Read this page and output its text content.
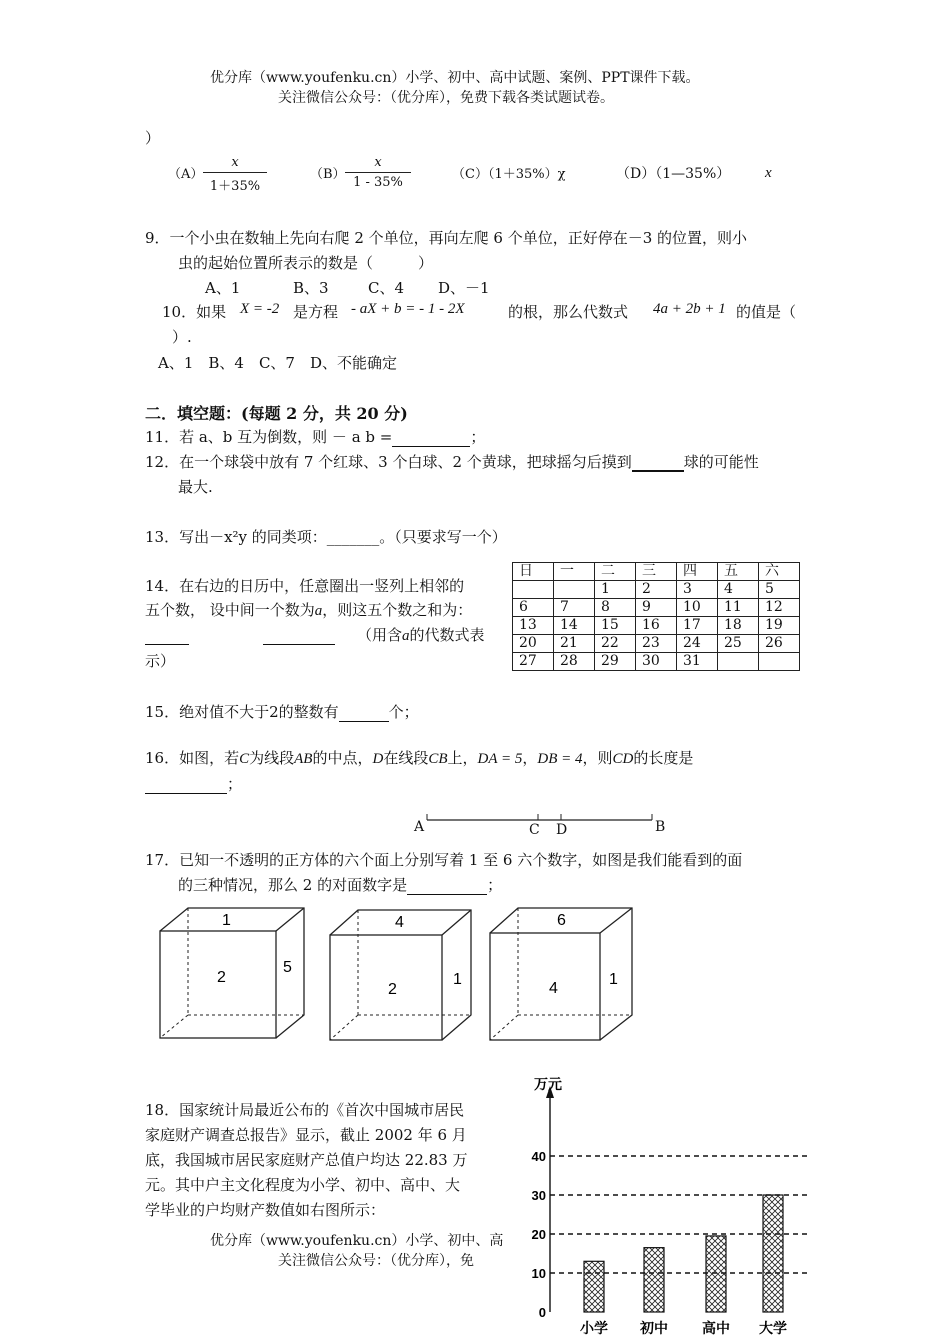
优分库（www.youfenku.cn）小学、初中、高中试题、案例、PPT课件下载。
关注微信公众号：（优分库），免费下载各类试题试卷。
）
（A）
x
1＋35%
（B）
x
1 - 35%
（C）（1＋35%）χ	（D）（1—35%） x
9．一个小虫在数轴上先向右爬 2 个单位，再向左爬 6 个单位，正好停在－3 的位置，则小
虫的起始位置所表示的数是（　　　）
A、1	B、3	C、4 D、－1
10．如果 X = -2 是方程 - aX + b = - 1 - 2X	的根，那么代数式 4a + 2b + 1 的值是（
）.
A、1　B、4　C、7　D、不能确定
二．填空题：(每题 2 分，共 20 分)
11．若 a、b 互为倒数，则 － a b =	；
12．在一个球袋中放有 7 个红球、3 个白球、2 个黄球，把球摇匀后摸到	球的可能性
最大.
13．写出－x²y 的同类项：_______。（只要求写一个）
14．在右边的日历中，任意圈出一竖列上相邻的
五个数， 设中间一个数为a，则这五个数之和为：
（用含a的代数式表
示）
日	一	二	三	四	五	六
		1	2	3	4	5
6	7	8	9	10	11	12
13	14	15	16	17	18	19
20	21	22	23	24	25	26
27	28	29	30	31		
15．绝对值不大于2的整数有	个；
16．如图，若C为线段AB的中点，D在线段CB上，DA = 5，DB = 4，则CD的长度是
；
A	C D	B
17．已知一不透明的正方体的六个面上分别写着 1 至 6 六个数字，如图是我们能看到的面
的三种情况，那么 2 的对面数字是	；
1
2
5
4
2
1
6
4
1
18．国家统计局最近公布的《首次中国城市居民
家庭财产调查总报告》显示，截止 2002 年 6 月
底，我国城市居民家庭财产总值户均达 22.83 万
元。其中户主文化程度为小学、初中、高中、大
学毕业的户均财产数值如右图所示：
优分库（www.youfenku.cn）小学、初中、高
关注微信公众号：（优分库），免
万元
0
10
20
30
40
小学 初中 高中 大学
